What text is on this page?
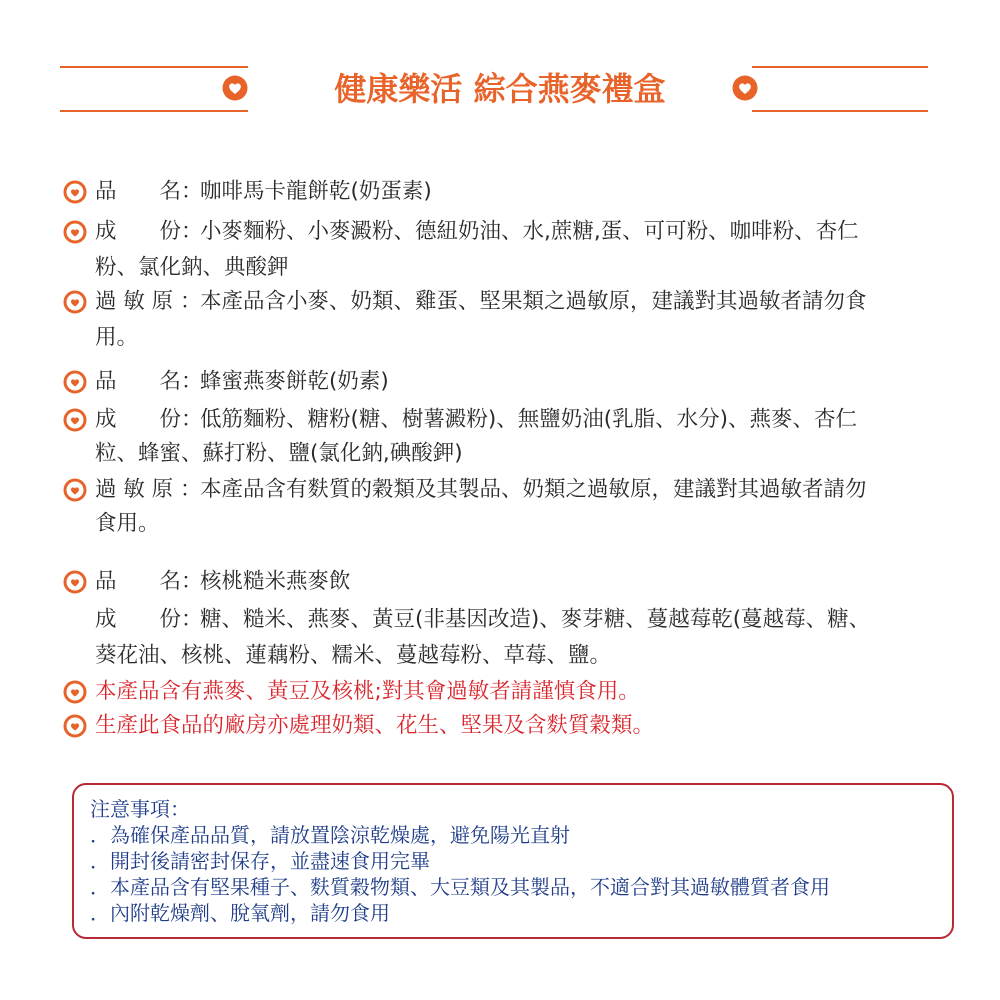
健康樂活 綜合燕麥禮盒
品　　名：咖啡馬卡龍餅乾(奶蛋素)
成　　份：小麥麵粉、小麥澱粉、德紐奶油、水,蔗糖,蛋、可可粉、咖啡粉、杏仁
粉、氯化鈉、典酸鉀
過 敏 原 ：本產品含小麥、奶類、雞蛋、堅果類之過敏原，建議對其過敏者請勿食
用。
品　　名：蜂蜜燕麥餅乾(奶素)
成　　份：低筋麵粉、糖粉(糖、樹薯澱粉)、無鹽奶油(乳脂、水分)、燕麥、杏仁
粒、蜂蜜、蘇打粉、鹽(氯化鈉,碘酸鉀)
過 敏 原 ：本產品含有麩質的穀類及其製品、奶類之過敏原，建議對其過敏者請勿
食用。
品　　名：核桃糙米燕麥飲
成　　份：糖、糙米、燕麥、黃豆(非基因改造)、麥芽糖、蔓越莓乾(蔓越莓、糖、
葵花油、核桃、蓮藕粉、糯米、蔓越莓粉、草莓、鹽。
本產品含有燕麥、黃豆及核桃;對其會過敏者請謹慎食用。
生產此食品的廠房亦處理奶類、花生、堅果及含麩質穀類。
注意事項：
．為確保產品品質，請放置陰涼乾燥處，避免陽光直射
．開封後請密封保存，並盡速食用完畢
．本產品含有堅果種子、麩質穀物類、大豆類及其製品，不適合對其過敏體質者食用
．內附乾燥劑、脫氧劑，請勿食用
